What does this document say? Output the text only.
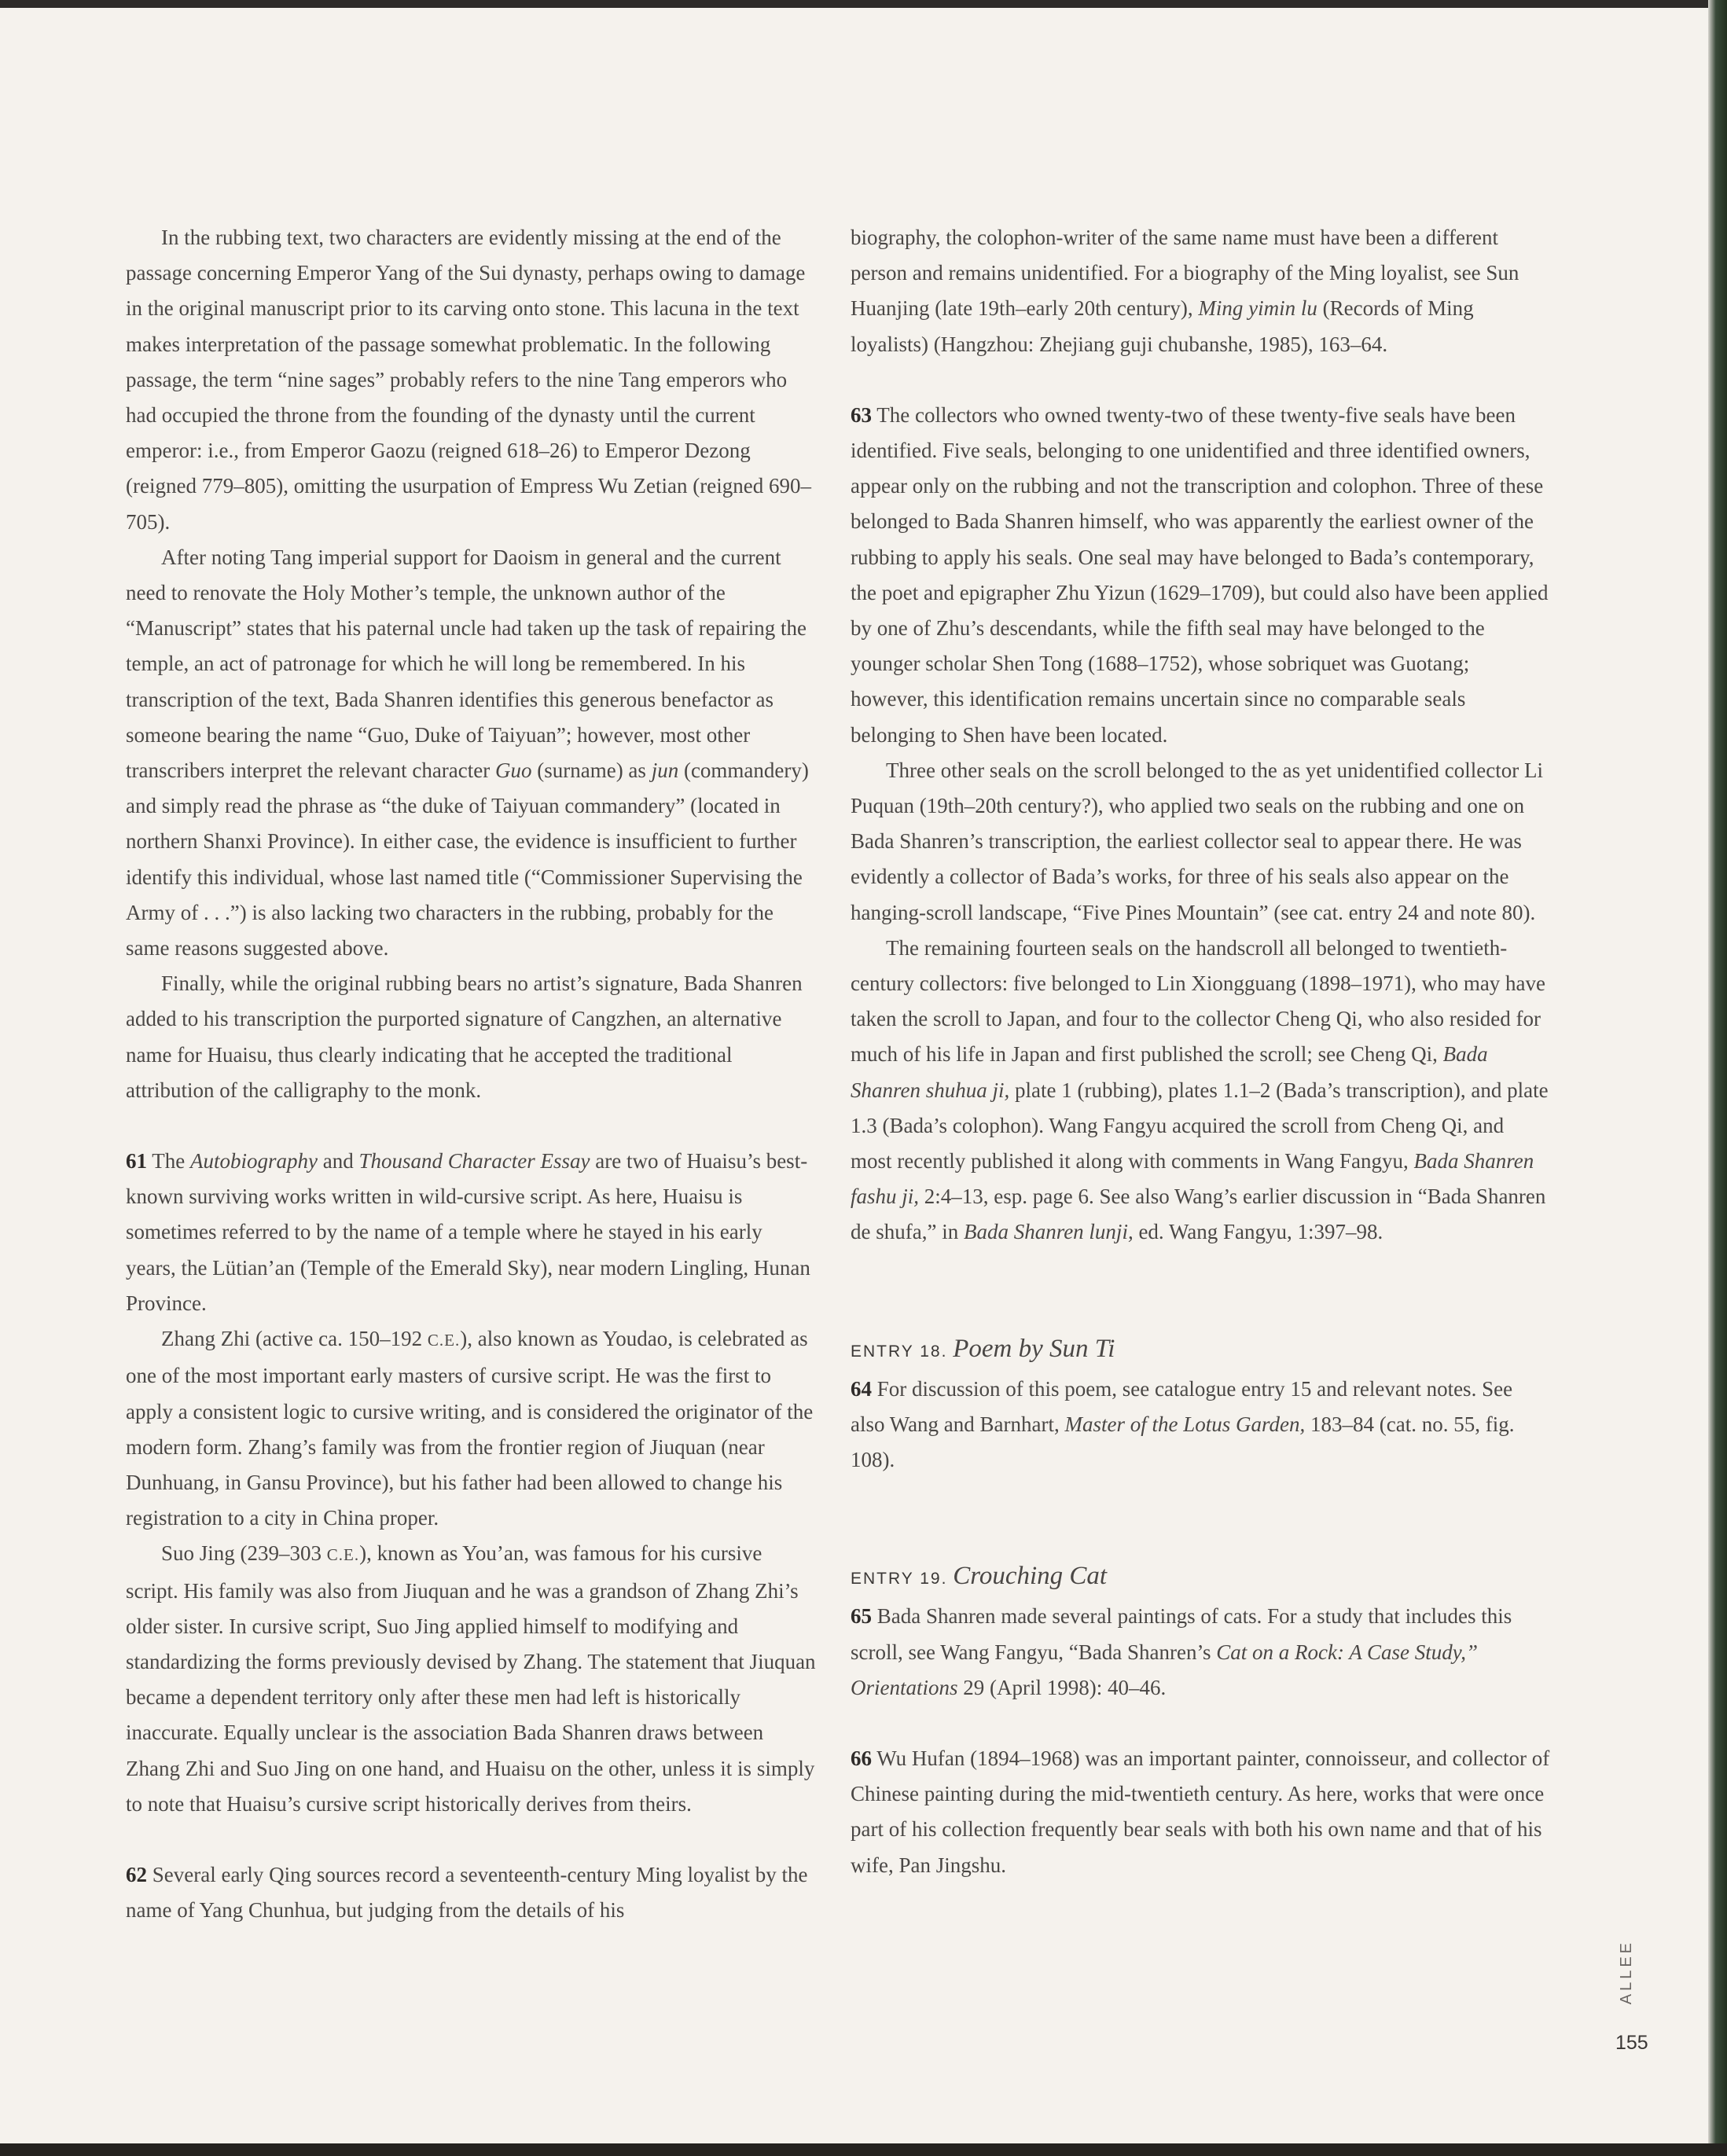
In the rubbing text, two characters are evidently missing at the end of the passage concerning Emperor Yang of the Sui dynasty, perhaps owing to damage in the original manuscript prior to its carving onto stone. This lacuna in the text makes interpretation of the passage somewhat problematic. In the following passage, the term “nine sages” probably refers to the nine Tang emperors who had occupied the throne from the founding of the dynasty until the current emperor: i.e., from Emperor Gaozu (reigned 618–26) to Emperor Dezong (reigned 779–805), omitting the usurpation of Empress Wu Zetian (reigned 690–705).

After noting Tang imperial support for Daoism in general and the current need to renovate the Holy Mother’s temple, the unknown author of the “Manuscript” states that his paternal uncle had taken up the task of repairing the temple, an act of patronage for which he will long be remembered. In his transcription of the text, Bada Shanren identifies this generous benefactor as someone bearing the name “Guo, Duke of Taiyuan”; however, most other transcribers interpret the relevant character Guo (surname) as jun (commandery) and simply read the phrase as “the duke of Taiyuan commandery” (located in northern Shanxi Province). In either case, the evidence is insufficient to further identify this individual, whose last named title (“Commissioner Supervising the Army of . . .”) is also lacking two characters in the rubbing, probably for the same reasons suggested above.

Finally, while the original rubbing bears no artist’s signature, Bada Shanren added to his transcription the purported signature of Cangzhen, an alternative name for Huaisu, thus clearly indicating that he accepted the traditional attribution of the calligraphy to the monk.

61 The Autobiography and Thousand Character Essay are two of Huaisu’s best-known surviving works written in wild-cursive script. As here, Huaisu is sometimes referred to by the name of a temple where he stayed in his early years, the Lütian’an (Temple of the Emerald Sky), near modern Lingling, Hunan Province.

Zhang Zhi (active ca. 150–192 C.E.), also known as Youdao, is celebrated as one of the most important early masters of cursive script. He was the first to apply a consistent logic to cursive writing, and is considered the originator of the modern form. Zhang’s family was from the frontier region of Jiuquan (near Dunhuang, in Gansu Province), but his father had been allowed to change his registration to a city in China proper.

Suo Jing (239–303 C.E.), known as You’an, was famous for his cursive script. His family was also from Jiuquan and he was a grandson of Zhang Zhi’s older sister. In cursive script, Suo Jing applied himself to modifying and standardizing the forms previously devised by Zhang. The statement that Jiuquan became a dependent territory only after these men had left is historically inaccurate. Equally unclear is the association Bada Shanren draws between Zhang Zhi and Suo Jing on one hand, and Huaisu on the other, unless it is simply to note that Huaisu’s cursive script historically derives from theirs.

62 Several early Qing sources record a seventeenth-century Ming loyalist by the name of Yang Chunhua, but judging from the details of his

biography, the colophon-writer of the same name must have been a different person and remains unidentified. For a biography of the Ming loyalist, see Sun Huanjing (late 19th–early 20th century), Ming yimin lu (Records of Ming loyalists) (Hangzhou: Zhejiang guji chubanshe, 1985), 163–64.

63 The collectors who owned twenty-two of these twenty-five seals have been identified. Five seals, belonging to one unidentified and three identified owners, appear only on the rubbing and not the transcription and colophon. Three of these belonged to Bada Shanren himself, who was apparently the earliest owner of the rubbing to apply his seals. One seal may have belonged to Bada’s contemporary, the poet and epigrapher Zhu Yizun (1629–1709), but could also have been applied by one of Zhu’s descendants, while the fifth seal may have belonged to the younger scholar Shen Tong (1688–1752), whose sobriquet was Guotang; however, this identification remains uncertain since no comparable seals belonging to Shen have been located.

Three other seals on the scroll belonged to the as yet unidentified collector Li Puquan (19th–20th century?), who applied two seals on the rubbing and one on Bada Shanren’s transcription, the earliest collector seal to appear there. He was evidently a collector of Bada’s works, for three of his seals also appear on the hanging-scroll landscape, “Five Pines Mountain” (see cat. entry 24 and note 80).

The remaining fourteen seals on the handscroll all belonged to twentieth-century collectors: five belonged to Lin Xiongguang (1898–1971), who may have taken the scroll to Japan, and four to the collector Cheng Qi, who also resided for much of his life in Japan and first published the scroll; see Cheng Qi, Bada Shanren shuhua ji, plate 1 (rubbing), plates 1.1–2 (Bada’s transcription), and plate 1.3 (Bada’s colophon). Wang Fangyu acquired the scroll from Cheng Qi, and most recently published it along with comments in Wang Fangyu, Bada Shanren fashu ji, 2:4–13, esp. page 6. See also Wang’s earlier discussion in “Bada Shanren de shufa,” in Bada Shanren lunji, ed. Wang Fangyu, 1:397–98.

ENTRY 18. Poem by Sun Ti

64 For discussion of this poem, see catalogue entry 15 and relevant notes. See also Wang and Barnhart, Master of the Lotus Garden, 183–84 (cat. no. 55, fig. 108).

ENTRY 19. Crouching Cat

65 Bada Shanren made several paintings of cats. For a study that includes this scroll, see Wang Fangyu, “Bada Shanren’s Cat on a Rock: A Case Study,” Orientations 29 (April 1998): 40–46.

66 Wu Hufan (1894–1968) was an important painter, connoisseur, and collector of Chinese painting during the mid-twentieth century. As here, works that were once part of his collection frequently bear seals with both his own name and that of his wife, Pan Jingshu.

ALLEE
155
